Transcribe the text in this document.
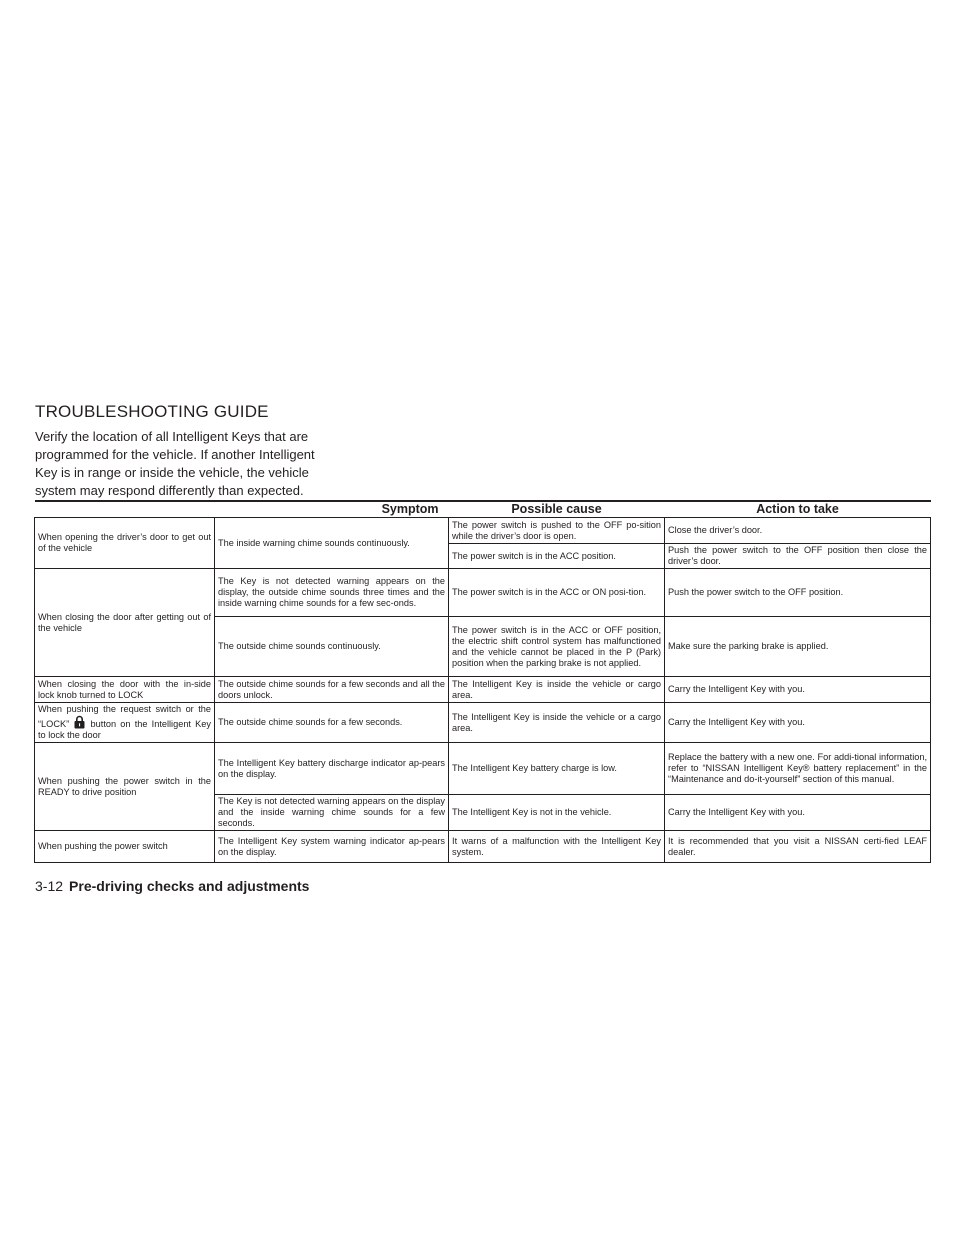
TROUBLESHOOTING GUIDE

Verify the location of all Intelligent Keys that are programmed for the vehicle. If another Intelligent Key is in range or inside the vehicle, the vehicle system may respond differently than expected.

Symptom		Possible cause	Action to take
When opening the driver’s door to get out of the vehicle	The inside warning chime sounds continuously.	The power switch is pushed to the OFF po-sition while the driver’s door is open.	Close the driver’s door.
		The power switch is in the ACC position.	Push the power switch to the OFF position then close the driver’s door.
When closing the door after getting out of the vehicle	The Key is not detected warning appears on the display, the outside chime sounds three times and the inside warning chime sounds for a few sec-onds.	The power switch is in the ACC or ON posi-tion.	Push the power switch to the OFF position.
	The outside chime sounds continuously.	The power switch is in the ACC or OFF position, the electric shift control system has malfunctioned and the vehicle cannot be placed in the P (Park) position when the parking brake is not applied.	Make sure the parking brake is applied.
When closing the door with the in-side lock knob turned to LOCK	The outside chime sounds for a few seconds and all the doors unlock.	The Intelligent Key is inside the vehicle or cargo area.	Carry the Intelligent Key with you.
When pushing the request switch or the “LOCK” button on the Intelligent Key to lock the door	The outside chime sounds for a few seconds.	The Intelligent Key is inside the vehicle or a cargo area.	Carry the Intelligent Key with you.
When pushing the power switch in the READY to drive position	The Intelligent Key battery discharge indicator ap-pears on the display.	The Intelligent Key battery charge is low.	Replace the battery with a new one. For addi-tional information, refer to “NISSAN Intelligent Key® battery replacement” in the “Maintenance and do-it-yourself” section of this manual.
	The Key is not detected warning appears on the display and the inside warning chime sounds for a few seconds.	The Intelligent Key is not in the vehicle.	Carry the Intelligent Key with you.
When pushing the power switch	The Intelligent Key system warning indicator ap-pears on the display.	It warns of a malfunction with the Intelligent Key system.	It is recommended that you visit a NISSAN certi-fied LEAF dealer.

3-12 Pre-driving checks and adjustments
